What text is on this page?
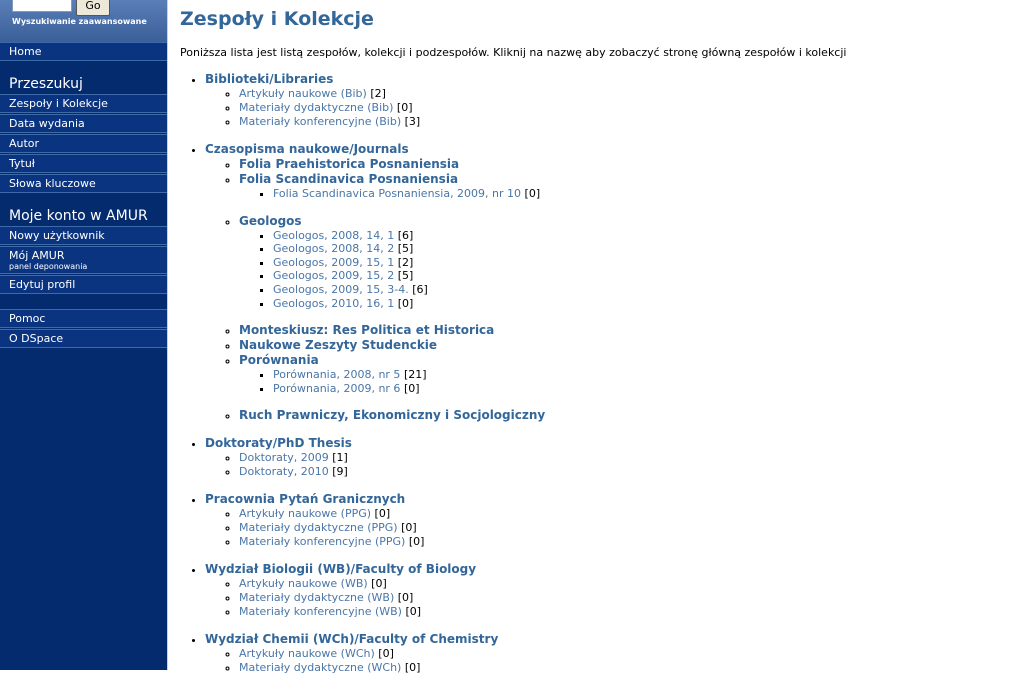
Go
Wyszukiwanie zaawansowane
Home
Przeszukuj
Zespoły i Kolekcje
Data wydania
Autor
Tytuł
Słowa kluczowe
Moje konto w AMUR
Nowy użytkownik
Mój AMUR
panel deponowania
Edytuj profil
Pomoc
O DSpace
Zespoły i Kolekcje

Poniższa lista jest listą zespołów, kolekcji i podzespołów. Kliknij na nazwę aby zobaczyć stronę główną zespołów i kolekcji

• Biblioteki/Libraries
◦ Artykuły naukowe (Bib) [2]
◦ Materiały dydaktyczne (Bib) [0]
◦ Materiały konferencyjne (Bib) [3]
• Czasopisma naukowe/Journals
◦ Folia Praehistorica Posnaniensia
◦ Folia Scandinavica Posnaniensia
▪ Folia Scandinavica Posnaniensia, 2009, nr 10 [0]
◦ Geologos
▪ Geologos, 2008, 14, 1 [6]
▪ Geologos, 2008, 14, 2 [5]
▪ Geologos, 2009, 15, 1 [2]
▪ Geologos, 2009, 15, 2 [5]
▪ Geologos, 2009, 15, 3-4. [6]
▪ Geologos, 2010, 16, 1 [0]
◦ Monteskiusz: Res Politica et Historica
◦ Naukowe Zeszyty Studenckie
◦ Porównania
▪ Porównania, 2008, nr 5 [21]
▪ Porównania, 2009, nr 6 [0]
◦ Ruch Prawniczy, Ekonomiczny i Socjologiczny
• Doktoraty/PhD Thesis
◦ Doktoraty, 2009 [1]
◦ Doktoraty, 2010 [9]
• Pracownia Pytań Granicznych
◦ Artykuły naukowe (PPG) [0]
◦ Materiały dydaktyczne (PPG) [0]
◦ Materiały konferencyjne (PPG) [0]
• Wydział Biologii (WB)/Faculty of Biology
◦ Artykuły naukowe (WB) [0]
◦ Materiały dydaktyczne (WB) [0]
◦ Materiały konferencyjne (WB) [0]
• Wydział Chemii (WCh)/Faculty of Chemistry
◦ Artykuły naukowe (WCh) [0]
◦ Materiały dydaktyczne (WCh) [0]
